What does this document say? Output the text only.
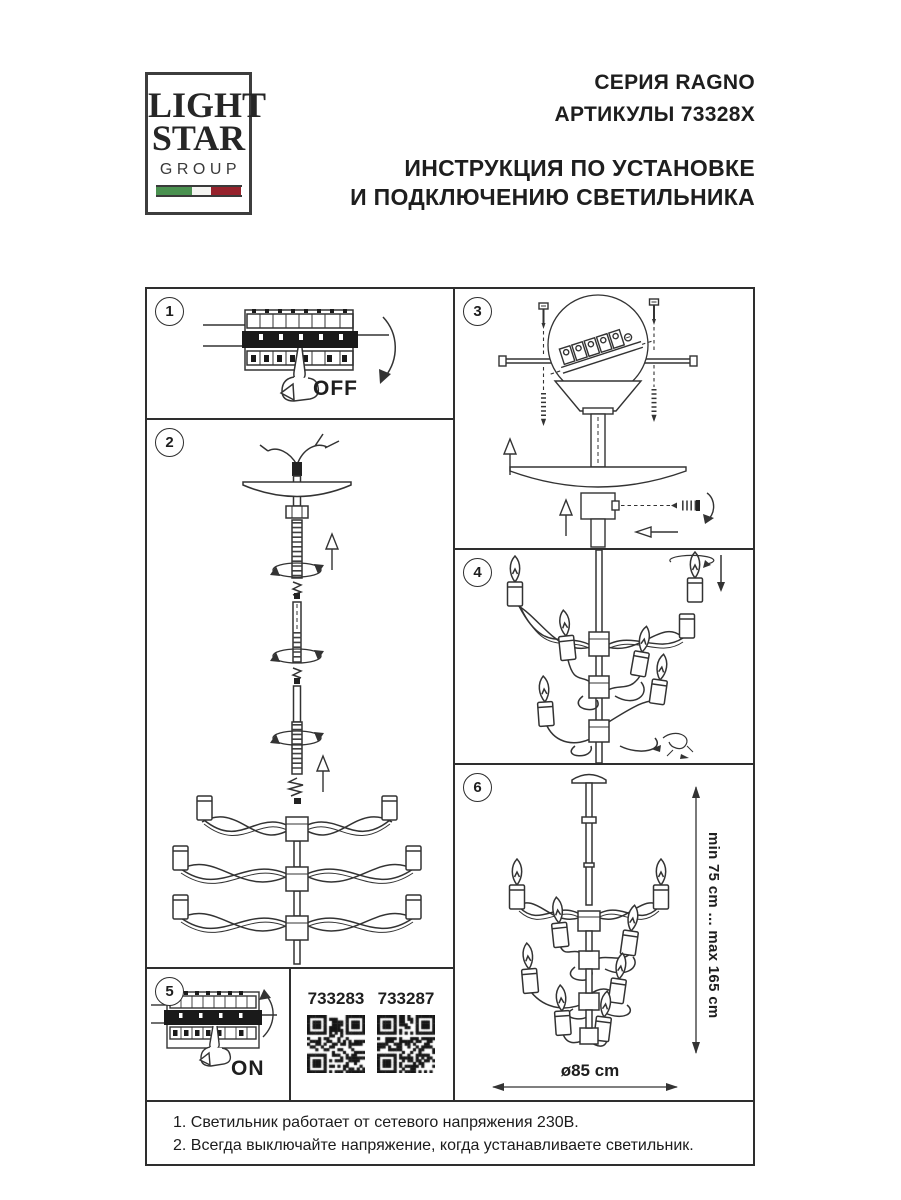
LIGHT
STAR
GROUP
СЕРИЯ RAGNO
АРТИКУЛЫ 73328X
ИНСТРУКЦИЯ ПО УСТАНОВКЕ
И ПОДКЛЮЧЕНИЮ СВЕТИЛЬНИКА
1
OFF
2
5
ON
733283 733287
3
4
6
min 75 cm ... max 165 cm
ø85 cm
1. Светильник работает от сетевого напряжения 230В.
2. Всегда выключайте напряжение, когда устанавливаете светильник.
